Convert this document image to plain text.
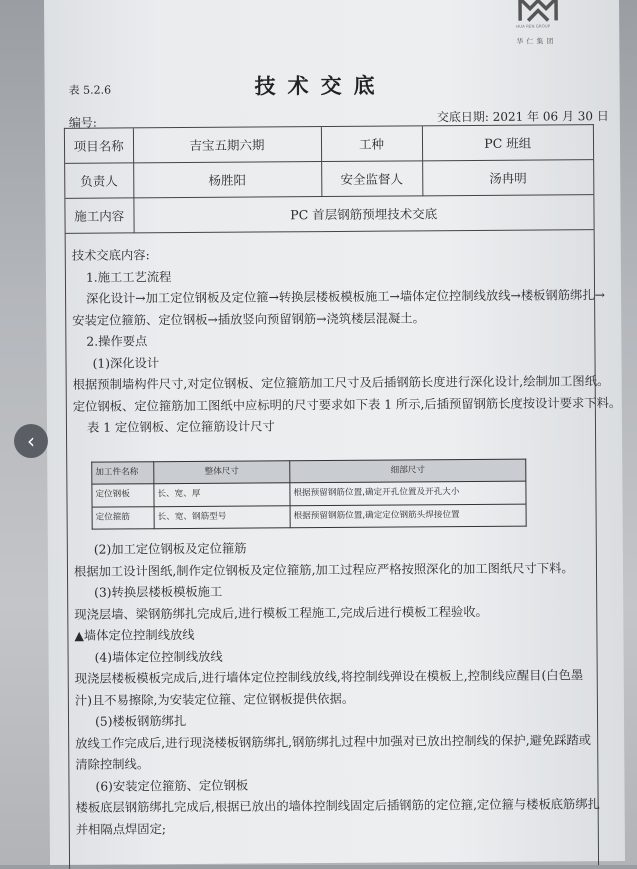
HUA REN GROUP
华仁集团
表 5.2.6	技术交底
编号:	交底日期: 2021 年 06 月 30 日
项目名称	吉宝五期六期	工种	PC 班组
负责人	杨胜阳	安全监督人	汤冉明
施工内容	PC 首层钢筋预埋技术交底		

技术交底内容:

1.施工工艺流程

深化设计→加工定位钢板及定位箍→转换层楼板模板施工→墙体定位控制线放线→楼板钢筋绑扎→

安装定位箍筋、定位钢板→插放竖向预留钢筋→浇筑楼层混凝土。

2.操作要点

(1)深化设计

根据预制墙构件尺寸,对定位钢板、定位箍筋加工尺寸及后插钢筋长度进行深化设计,绘制加工图纸。

定位钢板、定位箍筋加工图纸中应标明的尺寸要求如下表 1 所示,后插预留钢筋长度按设计要求下料。

表 1 定位钢板、定位箍筋设计尺寸

加工件名称	整体尺寸	细部尺寸
定位钢板	长、宽、厚	根据预留钢筋位置,确定开孔位置及开孔大小
定位箍筋	长、宽、钢筋型号	根据预留钢筋位置,确定定位钢筋头焊接位置

(2)加工定位钢板及定位箍筋

根据加工设计图纸,制作定位钢板及定位箍筋,加工过程应严格按照深化的加工图纸尺寸下料。

(3)转换层楼板模板施工

现浇层墙、梁钢筋绑扎完成后,进行模板工程施工,完成后进行模板工程验收。

▲墙体定位控制线放线

(4)墙体定位控制线放线

现浇层楼板模板完成后,进行墙体定位控制线放线,将控制线弹设在模板上,控制线应醒目(白色墨

汁)且不易擦除,为安装定位箍、定位钢板提供依据。

(5)楼板钢筋绑扎

放线工作完成后,进行现浇楼板钢筋绑扎,钢筋绑扎过程中加强对已放出控制线的保护,避免踩踏或

清除控制线。

(6)安装定位箍筋、定位钢板

楼板底层钢筋绑扎完成后,根据已放出的墙体控制线固定后插钢筋的定位箍,定位箍与楼板底筋绑扎

并相隔点焊固定;

‹
